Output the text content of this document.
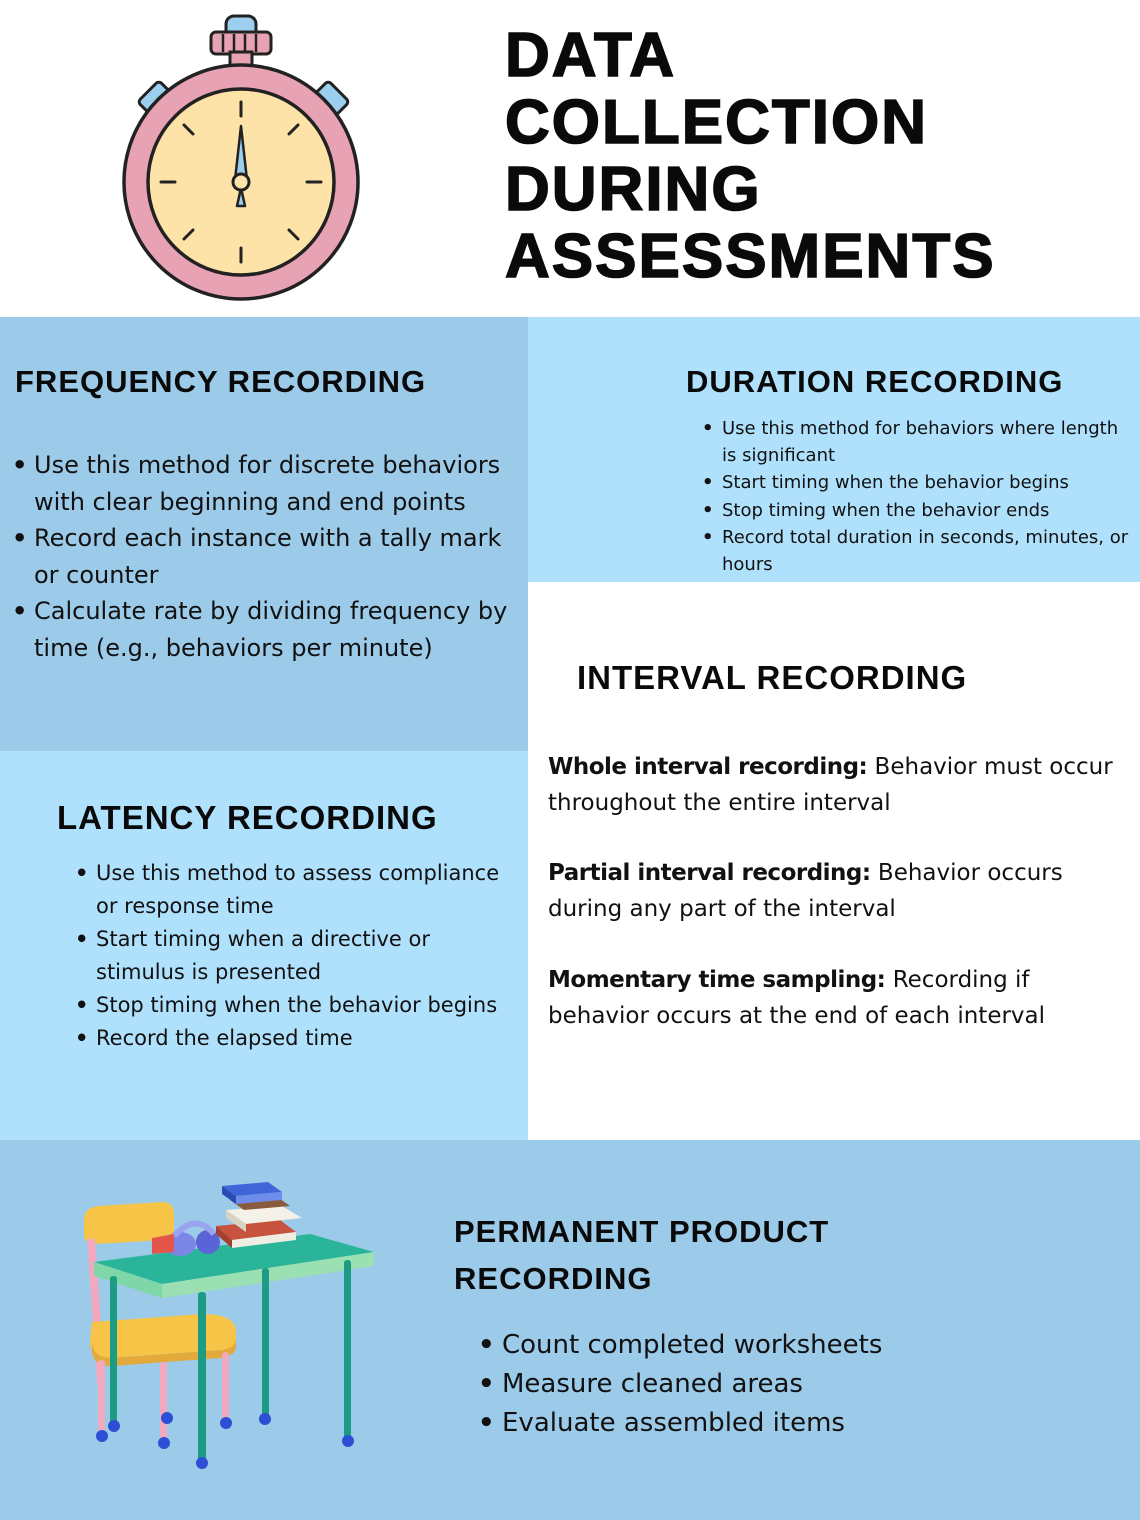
DATA
COLLECTION
DURING
ASSESSMENTS
FREQUENCY RECORDING
• Use this method for discrete behaviors with clear beginning and end points
• Record each instance with a tally mark or counter
• Calculate rate by dividing frequency by time (e.g., behaviors per minute)
DURATION RECORDING
• Use this method for behaviors where length is significant
• Start timing when the behavior begins
• Stop timing when the behavior ends
• Record total duration in seconds, minutes, or hours
INTERVAL RECORDING
Whole interval recording: Behavior must occur throughout the entire interval
Partial interval recording: Behavior occurs during any part of the interval
Momentary time sampling: Recording if behavior occurs at the end of each interval
LATENCY RECORDING
• Use this method to assess compliance or response time
• Start timing when a directive or stimulus is presented
• Stop timing when the behavior begins
• Record the elapsed time
PERMANENT PRODUCT RECORDING
• Count completed worksheets
• Measure cleaned areas
• Evaluate assembled items
